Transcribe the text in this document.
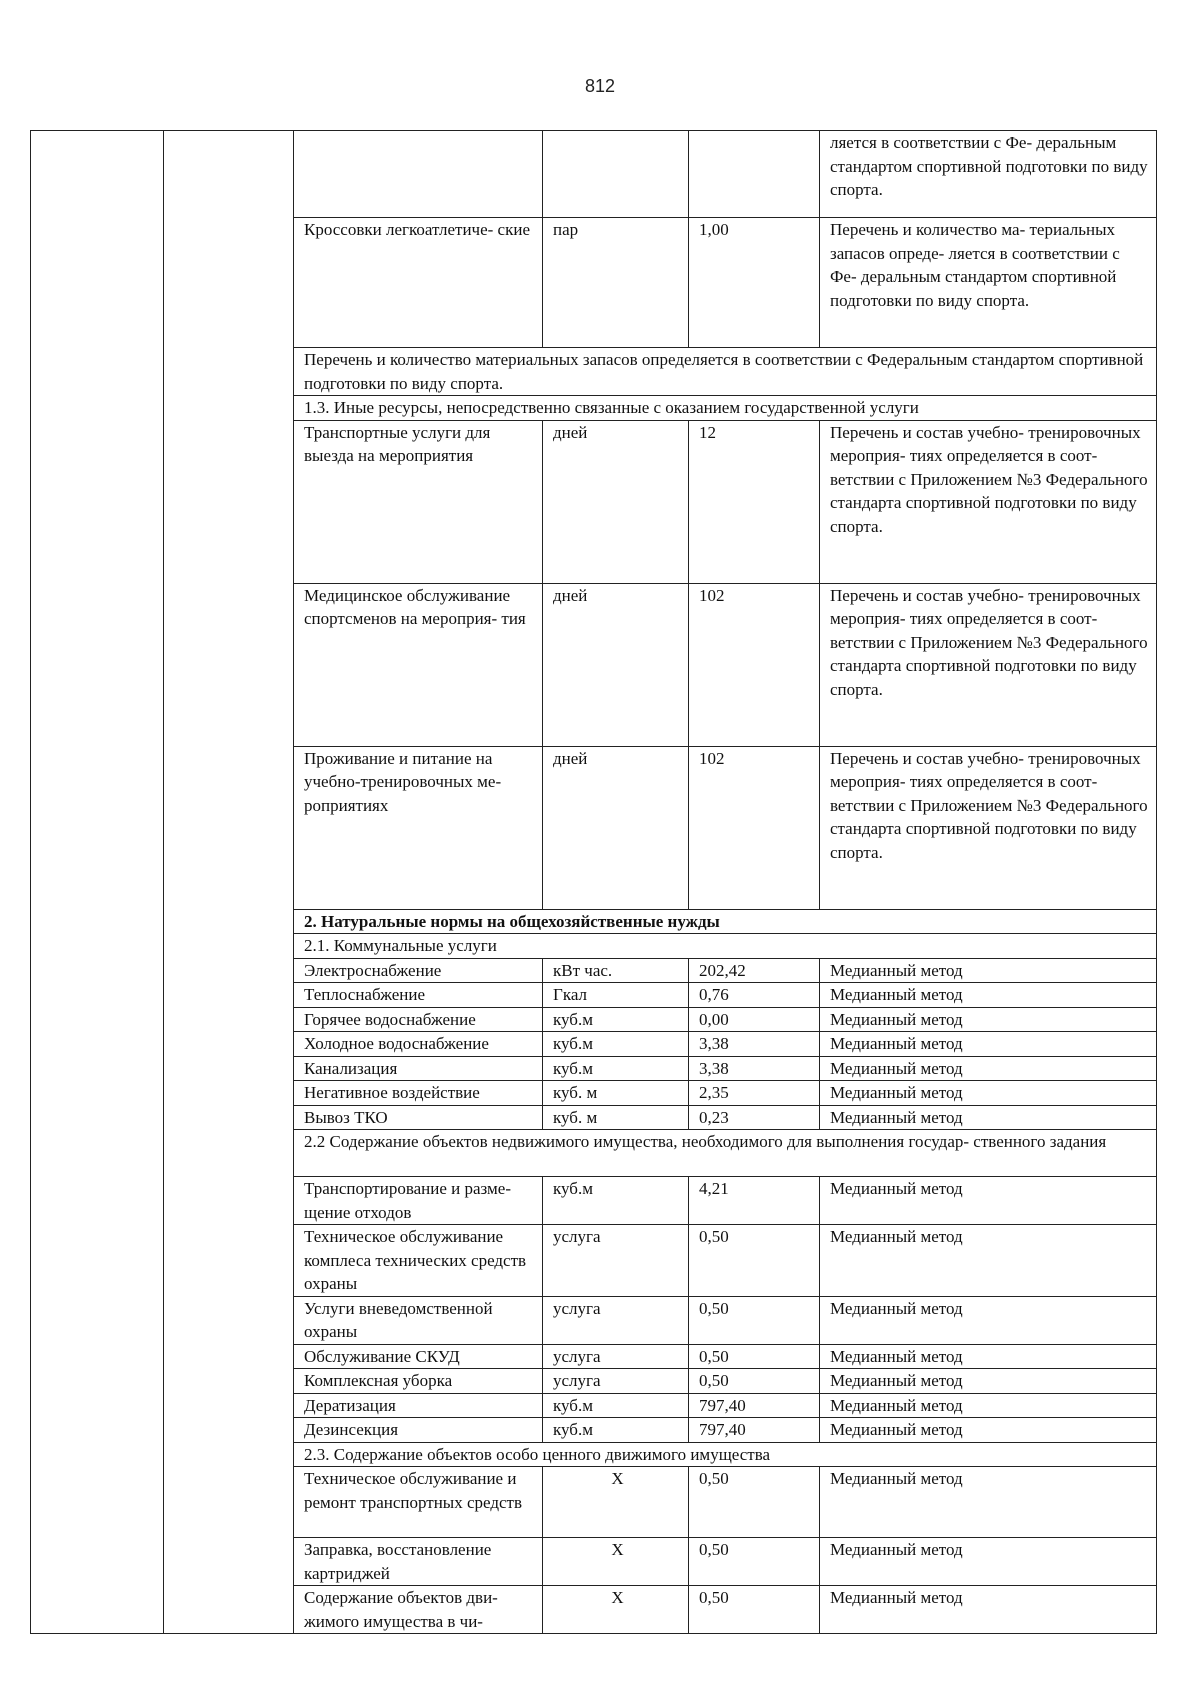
812
					ляется в соответствии с Фе- деральным стандартом спортивной подготовки по виду спорта.
		Кроссовки легкоатлетиче- ские	пар	1,00	Перечень и количество ма- териальных запасов опреде- ляется в соответствии с Фе- деральным стандартом спортивной подготовки по виду спорта.
		Перечень и количество материальных запасов определяется в соответствии с Федеральным стандартом спортивной подготовки по виду спорта.			
		1.3. Иные ресурсы, непосредственно связанные с оказанием государственной услуги			
		Транспортные услуги для выезда на мероприятия	дней	12	Перечень и состав учебно- тренировочных мероприя- тиях определяется в соот- ветствии с Приложением №3 Федерального стандарта спортивной подготовки по виду спорта.
		Медицинское обслуживание спортсменов на мероприя- тия	дней	102	Перечень и состав учебно- тренировочных мероприя- тиях определяется в соот- ветствии с Приложением №3 Федерального стандарта спортивной подготовки по виду спорта.
		Проживание и питание на учебно-тренировочных ме- роприятиях	дней	102	Перечень и состав учебно- тренировочных мероприя- тиях определяется в соот- ветствии с Приложением №3 Федерального стандарта спортивной подготовки по виду спорта.
		2. Натуральные нормы на общехозяйственные нужды			
		2.1. Коммунальные услуги			
		Электроснабжение	кВт час.	202,42	Медианный метод
		Теплоснабжение	Гкал	0,76	Медианный метод
		Горячее водоснабжение	куб.м	0,00	Медианный метод
		Холодное водоснабжение	куб.м	3,38	Медианный метод
		Канализация	куб.м	3,38	Медианный метод
		Негативное воздействие	куб. м	2,35	Медианный метод
		Вывоз ТКО	куб. м	0,23	Медианный метод
		2.2 Содержание объектов недвижимого имущества, необходимого для выполнения государ- ственного задания			
		Транспортирование и разме- щение отходов	куб.м	4,21	Медианный метод
		Техническое обслуживание комплеса технических средств охраны	услуга	0,50	Медианный метод
		Услуги вневедомственной охраны	услуга	0,50	Медианный метод
		Обслуживание СКУД	услуга	0,50	Медианный метод
		Комплексная уборка	услуга	0,50	Медианный метод
		Дератизация	куб.м	797,40	Медианный метод
		Дезинсекция	куб.м	797,40	Медианный метод
		2.3. Содержание объектов особо ценного движимого имущества			
		Техническое обслуживание и ремонт транспортных средств	Х	0,50	Медианный метод
		Заправка, восстановление картриджей	Х	0,50	Медианный метод
		Содержание объектов дви- жимого имущества в чи-	Х	0,50	Медианный метод
